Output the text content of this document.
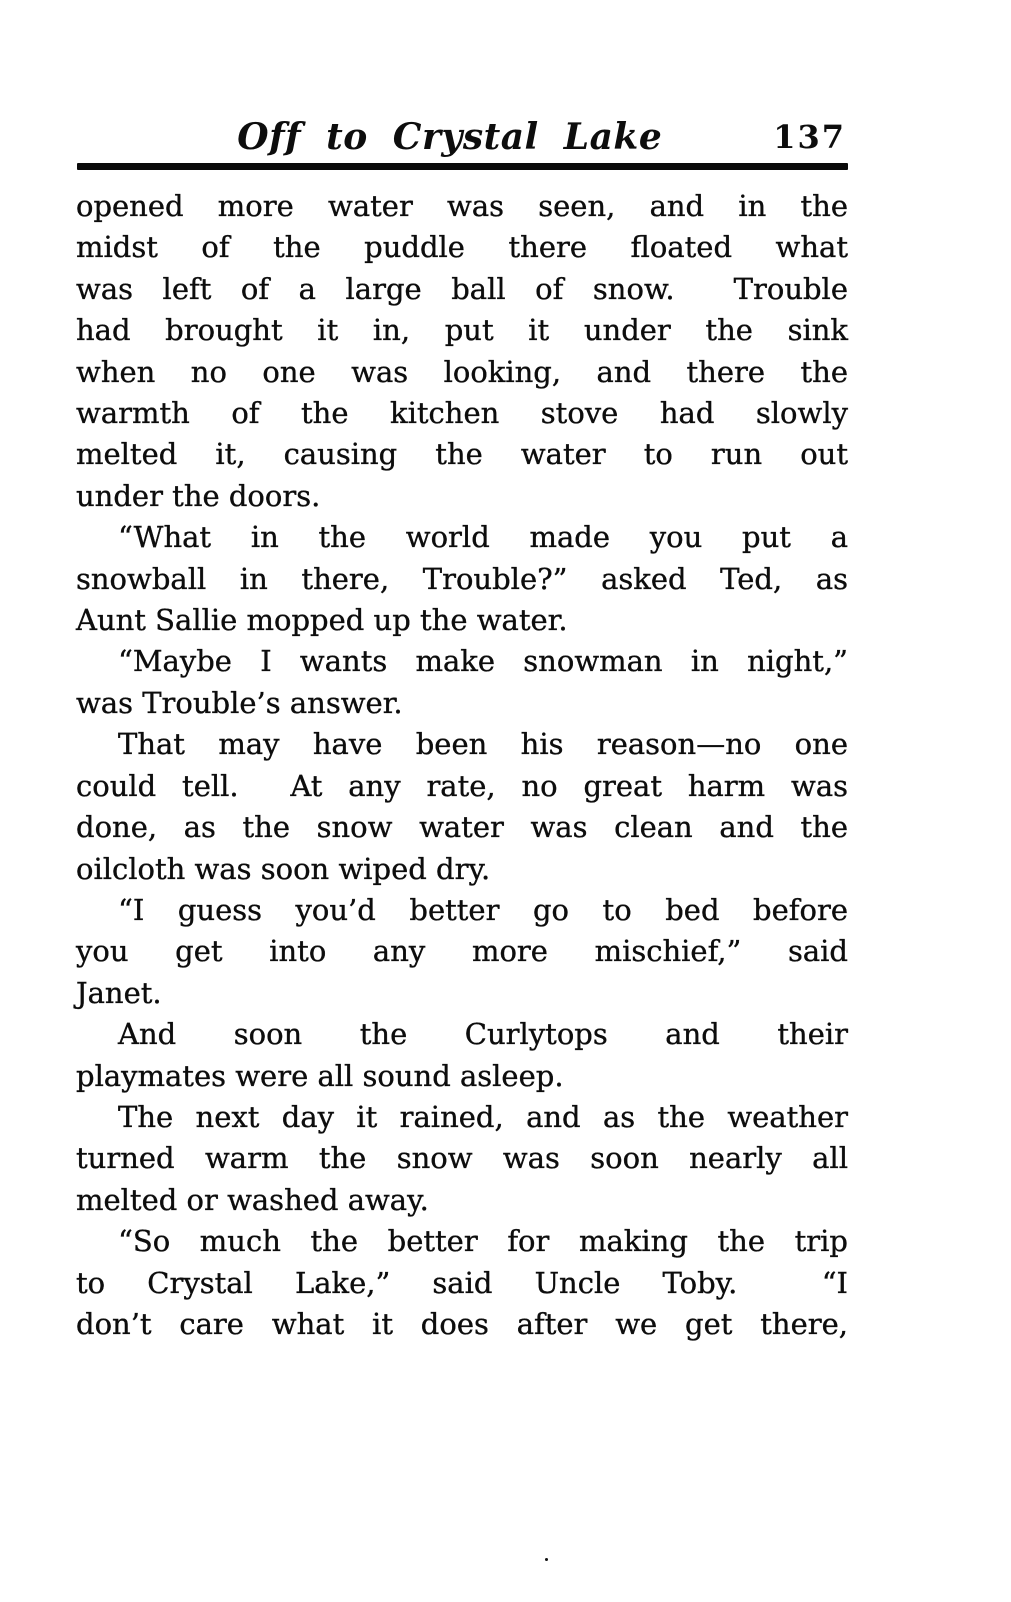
Off to Crystal Lake	137
opened more water was seen, and in the
midst of the puddle there floated what
was left of a large ball of snow.  Trouble
had brought it in, put it under the sink
when no one was looking, and there the
warmth of the kitchen stove had slowly
melted it, causing the water to run out
under the doors.
“What in the world made you put a
snowball in there, Trouble?” asked Ted, as
Aunt Sallie mopped up the water.
“Maybe I wants make snowman in night,”
was Trouble’s answer.
That may have been his reason—no one
could tell.  At any rate, no great harm was
done, as the snow water was clean and the
oilcloth was soon wiped dry.
“I guess you’d better go to bed before
you get into any more mischief,” said
Janet.
And soon the Curlytops and their
playmates were all sound asleep.
The next day it rained, and as the weather
turned warm the snow was soon nearly all
melted or washed away.
“So much the better for making the trip
to Crystal Lake,” said Uncle Toby.  “I
don’t care what it does after we get there,
